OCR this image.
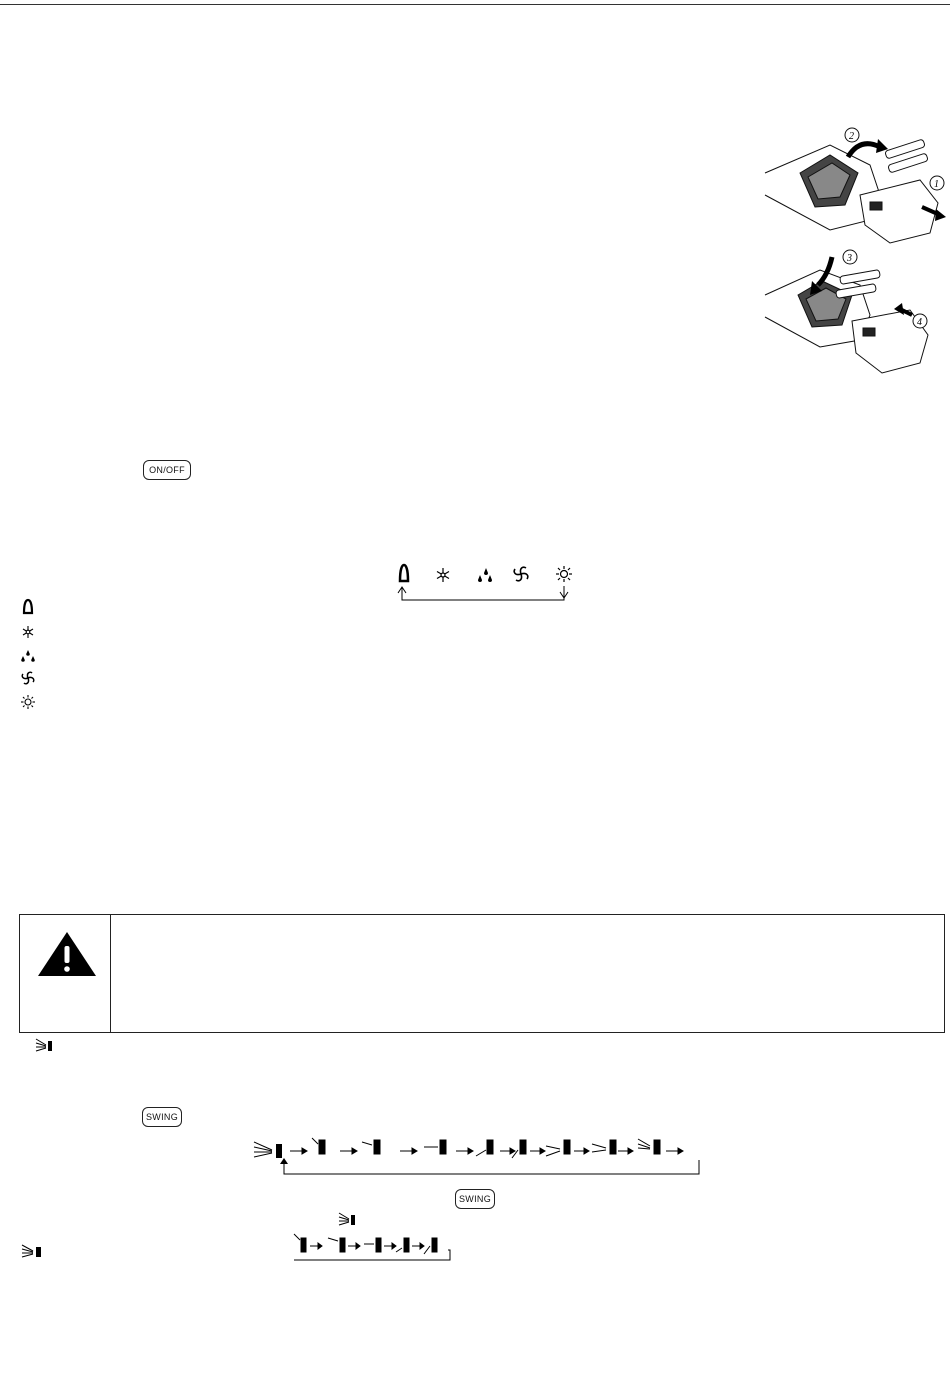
2
1
3
4
ON/OFF
SWING
SWING
